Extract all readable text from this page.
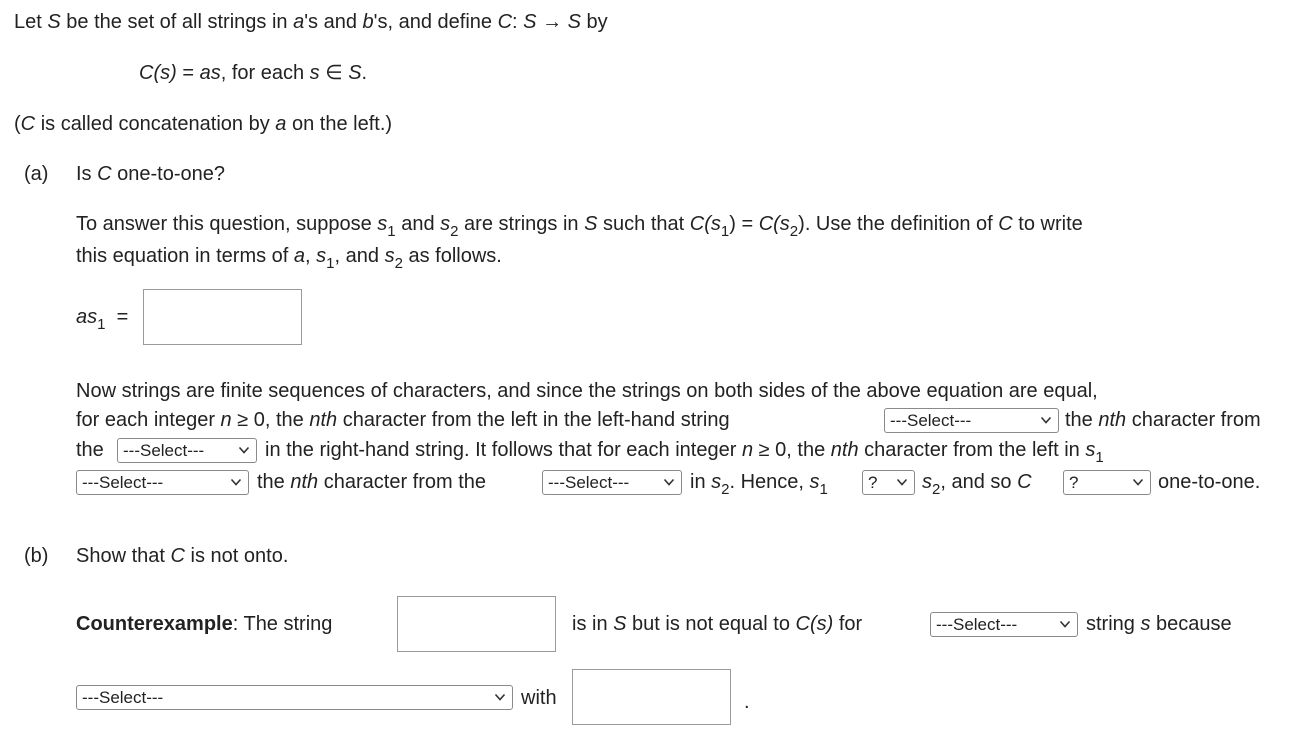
Let S be the set of all strings in a's and b's, and define C: S → S by
C(s) = as, for each s ∈ S.
(C is called concatenation by a on the left.)
(a) Is C one-to-one?
To answer this question, suppose $s_1$ and $s_2$ are strings in S such that $C(s_1) = C(s_2)$. Use the definition of C to write
this equation in terms of a, $s_1$, and $s_2$ as follows.
$as_1$ =
Now strings are finite sequences of characters, and since the strings on both sides of the above equation are equal,
for each integer n ≥ 0, the nth character from the left in the left-hand string	---Select---	the nth character from
the	---Select---	in the right-hand string. It follows that for each integer n ≥ 0, the nth character from the left in $s_1$
---Select---	the nth character from the	---Select---	in $s_2$. Hence, $s_1$	?	$s_2$, and so C	?	one-to-one.
(b) Show that C is not onto.
Counterexample: The string	is in S but is not equal to C(s) for	---Select---	string s because
---Select---	with	.
